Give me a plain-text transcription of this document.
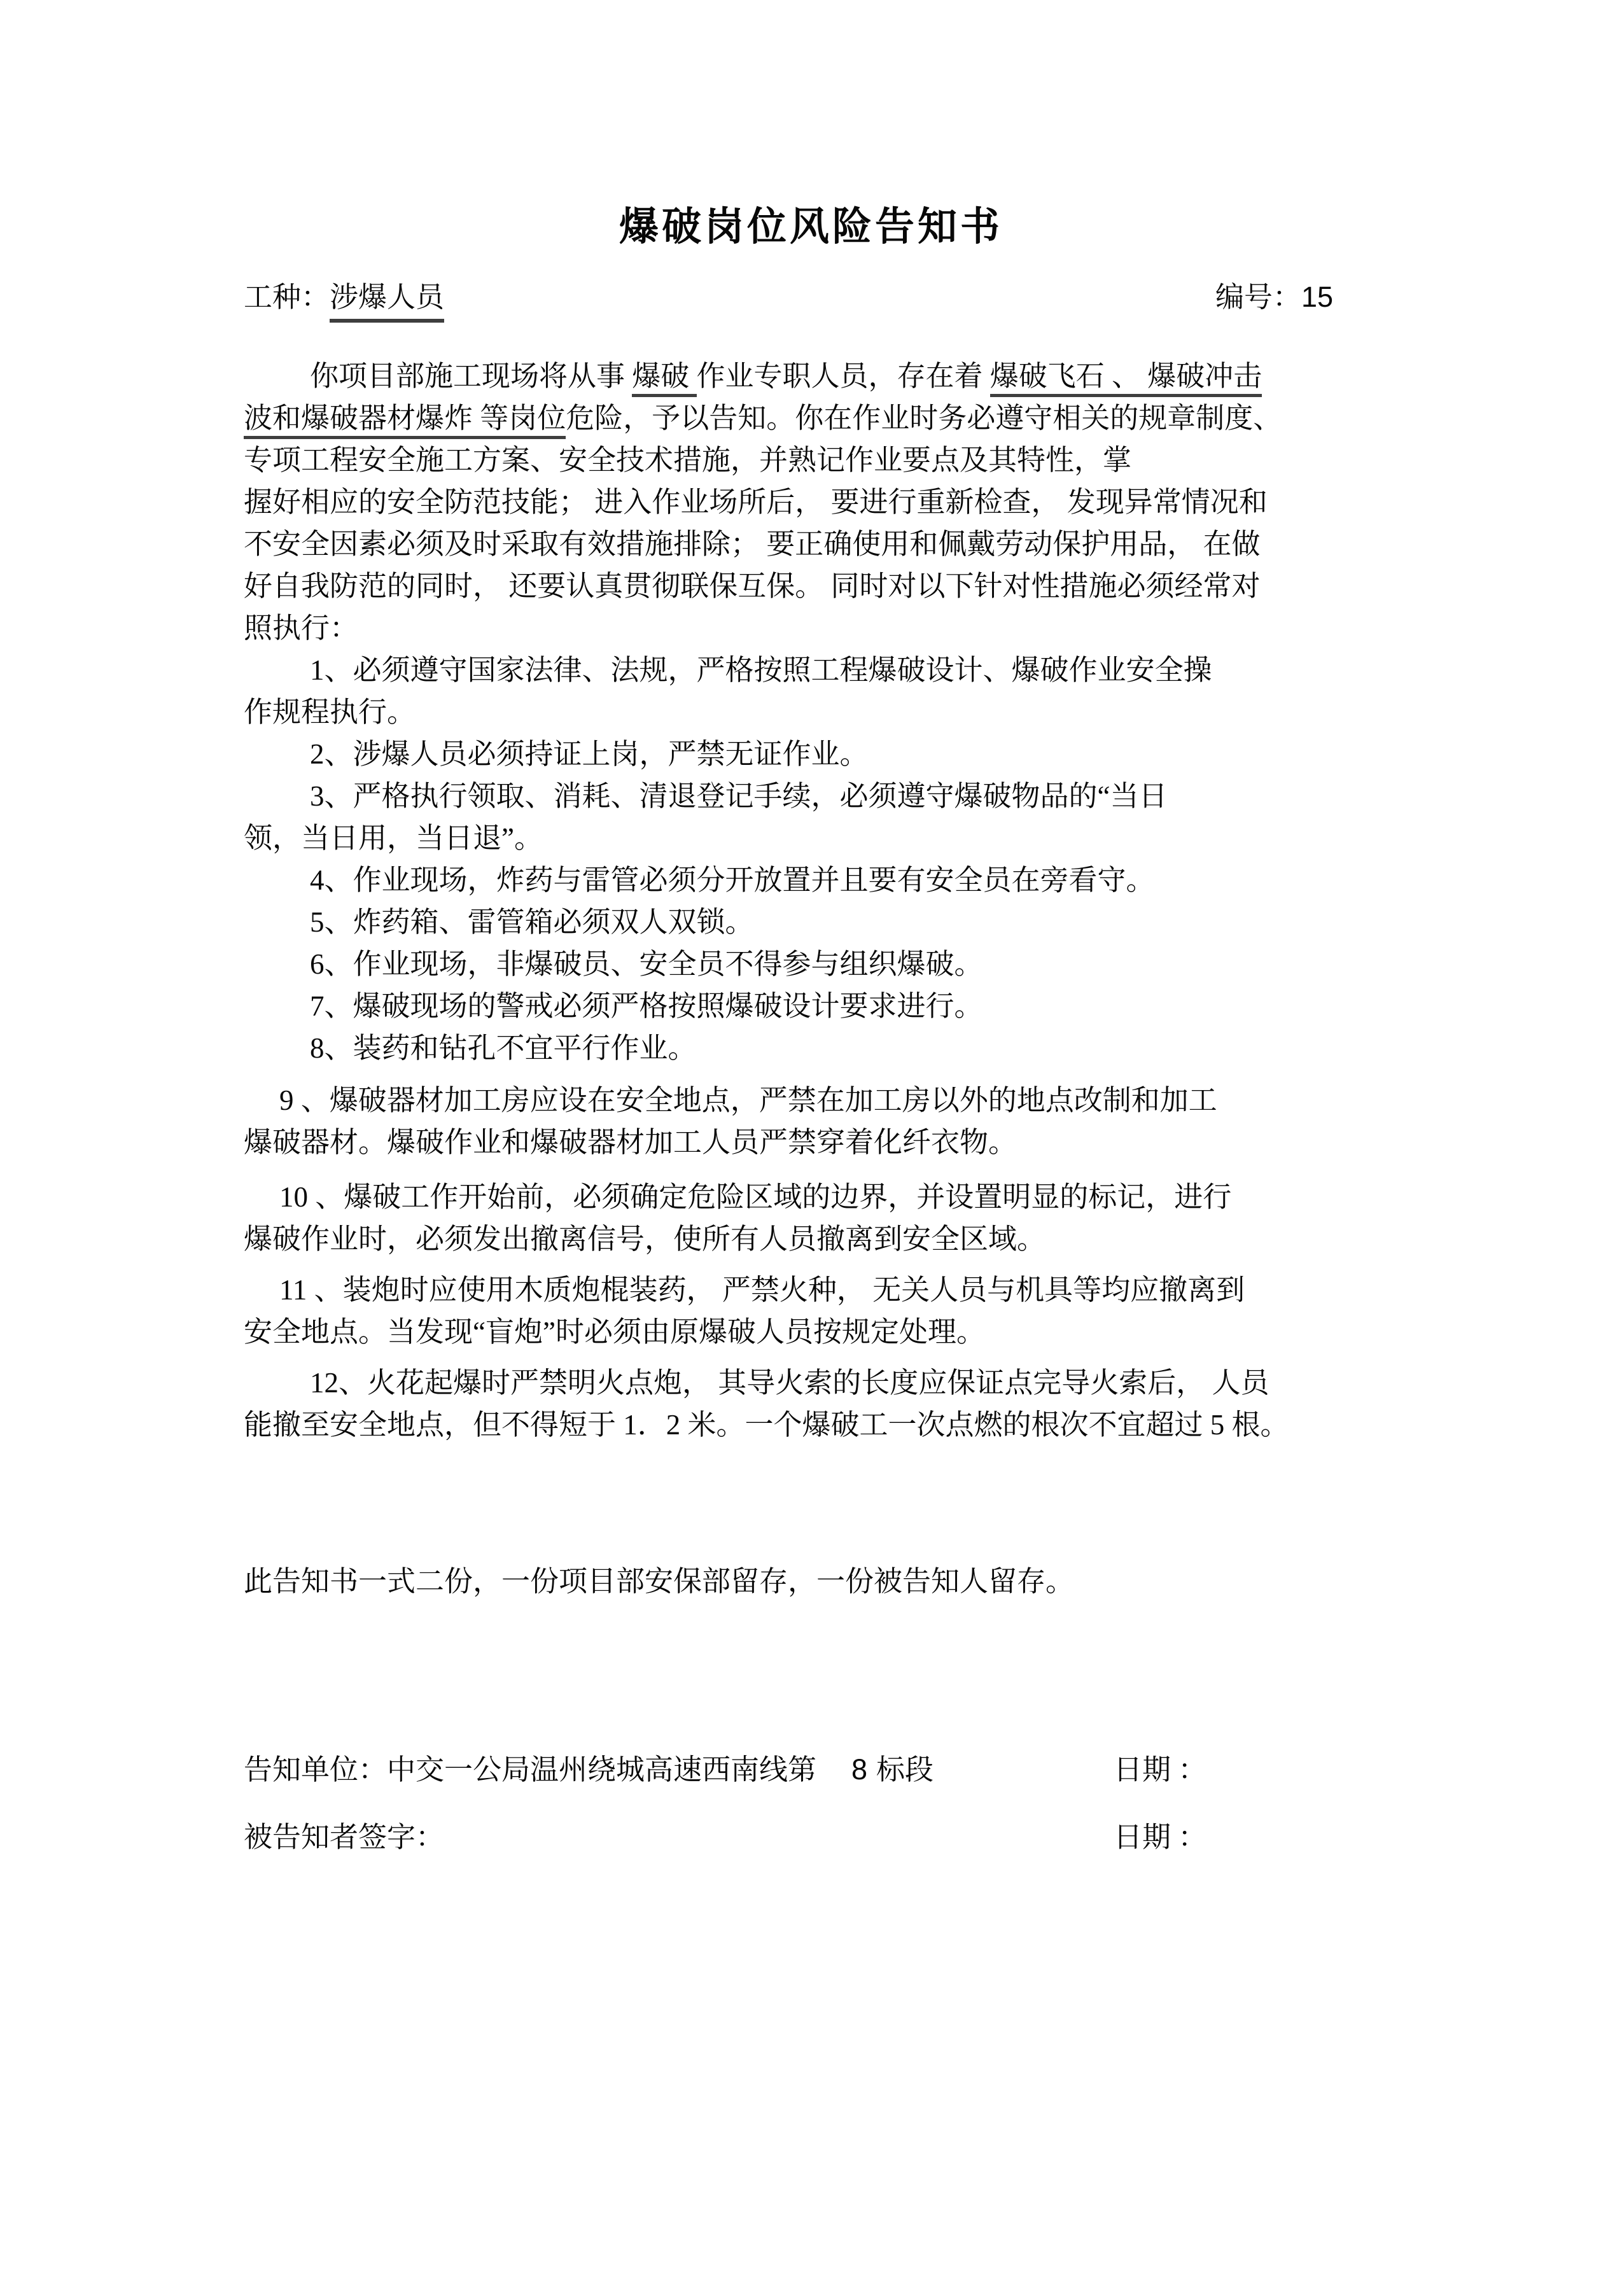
爆破岗位风险告知书
工种：涉爆人员	编号：15
你项目部施工现场将从事 爆破 作业专职人员，存在着 爆破飞石 、 爆破冲击
波和爆破器材爆炸 等岗位危险，予以告知。你在作业时务必遵守相关的规章制度、
专项工程安全施工方案、安全技术措施，并熟记作业要点及其特性，掌
握好相应的安全防范技能； 进入作业场所后， 要进行重新检查， 发现异常情况和
不安全因素必须及时采取有效措施排除； 要正确使用和佩戴劳动保护用品， 在做
好自我防范的同时， 还要认真贯彻联保互保。 同时对以下针对性措施必须经常对
照执行：
1、必须遵守国家法律、法规，严格按照工程爆破设计、爆破作业安全操
作规程执行。
2、涉爆人员必须持证上岗，严禁无证作业。
3、严格执行领取、消耗、清退登记手续，必须遵守爆破物品的“当日
领，当日用，当日退”。
4、作业现场，炸药与雷管必须分开放置并且要有安全员在旁看守。
5、炸药箱、雷管箱必须双人双锁。
6、作业现场，非爆破员、安全员不得参与组织爆破。
7、爆破现场的警戒必须严格按照爆破设计要求进行。
8、装药和钻孔不宜平行作业。
9 、爆破器材加工房应设在安全地点，严禁在加工房以外的地点改制和加工
爆破器材。爆破作业和爆破器材加工人员严禁穿着化纤衣物。
10 、爆破工作开始前，必须确定危险区域的边界，并设置明显的标记，进行
爆破作业时，必须发出撤离信号，使所有人员撤离到安全区域。
11 、装炮时应使用木质炮棍装药， 严禁火种， 无关人员与机具等均应撤离到
安全地点。当发现“盲炮”时必须由原爆破人员按规定处理。
12、火花起爆时严禁明火点炮， 其导火索的长度应保证点完导火索后， 人员
能撤至安全地点，但不得短于 1．2 米。一个爆破工一次点燃的根次不宜超过 5 根。
此告知书一式二份，一份项目部安保部留存，一份被告知人留存。
告知单位：中交一公局温州绕城高速西南线第 8 标段	日期 ：
被告知者签字：	日期 ：
